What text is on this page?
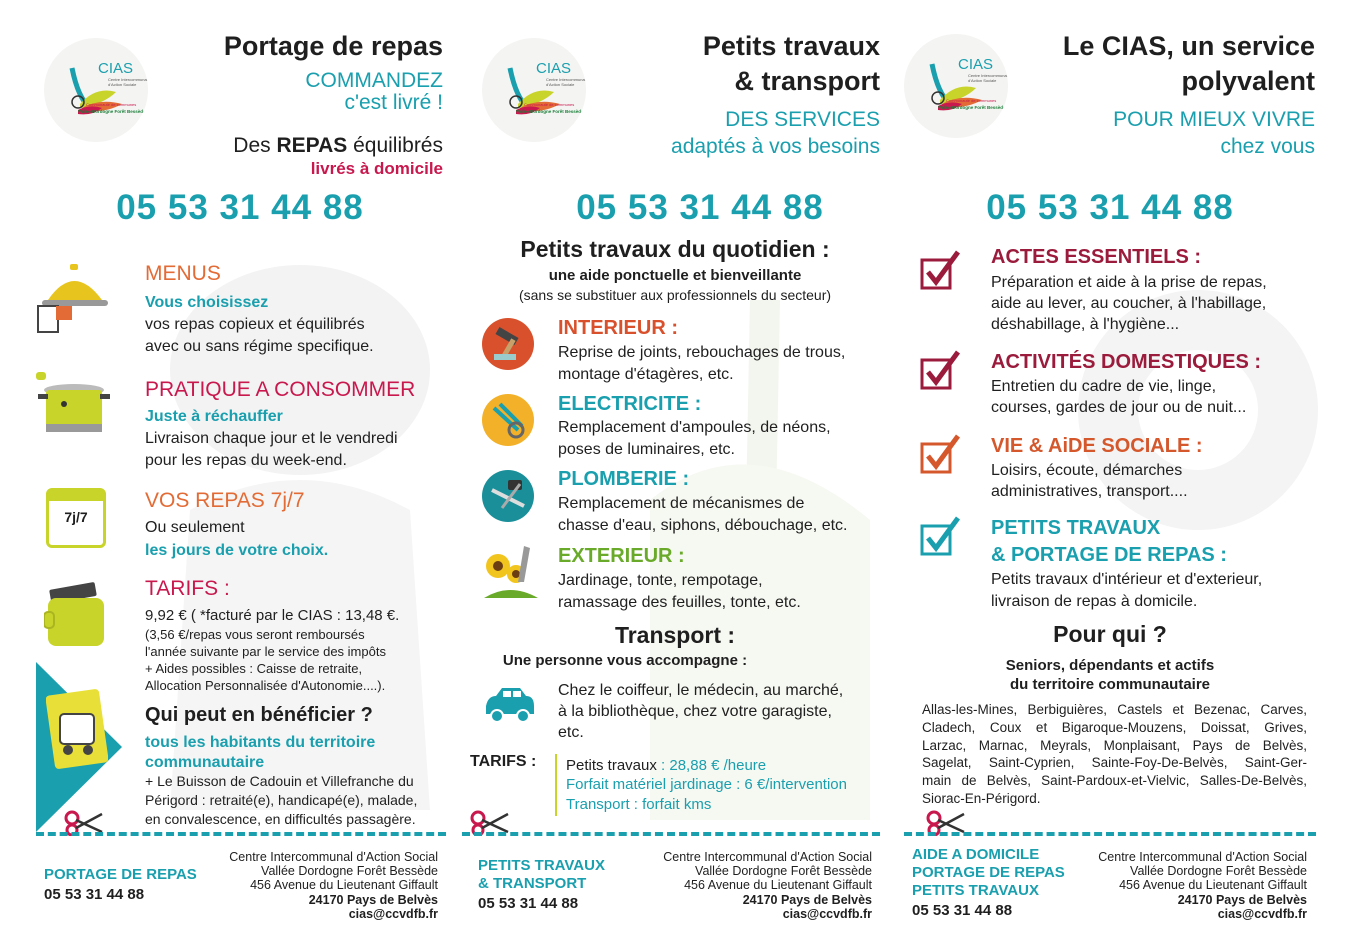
CIAS
Centre Intercommunal
d'Action Sociale
Communauté de communes
Vallée Dordogne Forêt Bessède
Portage de repas
COMMANDEZ
c'est livré !
Des REPAS équilibrés
livrés à domicile
05 53 31 44 88
7j/7
MENUS
Vous choisissez
vos repas copieux et équilibrés
avec ou sans régime specifique.
PRATIQUE A CONSOMMER
Juste à réchauffer
Livraison chaque jour et le vendredi
pour les repas du week-end.
VOS REPAS 7j/7
Ou seulement
les jours de votre choix.
TARIFS :
9,92 € ( *facturé par le CIAS : 13,48 €.
(3,56 €/repas vous seront remboursés
l'année suivante par le service des impôts
+ Aides possibles : Caisse de retraite,
Allocation Personnalisée d'Autonomie....).
Qui peut en bénéficier ?
tous les habitants du territoire
communautaire
+ Le Buisson de Cadouin et Villefranche du
Périgord : retraité(e), handicapé(e), malade,
en convalescence, en difficultés passagère.
PORTAGE DE REPAS
05 53 31 44 88
Centre Intercommunal d'Action Social
Vallée Dordogne Forêt Bessède
456 Avenue du Lieutenant Giffault
24170 Pays de Belvès
cias@ccvdfb.fr
CIAS
Centre Intercommunal
d'Action Sociale
Communauté de communes
Vallée Dordogne Forêt Bessède
Petits travaux
& transport
DES SERVICES
adaptés à vos besoins
05 53 31 44 88
Petits travaux du quotidien :
une aide ponctuelle et bienveillante
(sans se substituer aux professionnels du secteur)
INTERIEUR :
Reprise de joints, rebouchages de trous,
montage d'étagères, etc.
ELECTRICITE :
Remplacement d'ampoules, de néons,
poses de luminaires, etc.
PLOMBERIE :
Remplacement de mécanismes de
chasse d'eau, siphons, débouchage, etc.
EXTERIEUR :
Jardinage, tonte, rempotage,
ramassage des feuilles, tonte, etc.
Transport :
Une personne vous accompagne :
Chez le coiffeur, le médecin, au marché,
à la bibliothèque, chez votre garagiste,
etc.
TARIFS : Petits travaux : 28,88 € /heure
Forfait matériel jardinage : 6 €/intervention
Transport : forfait kms
PETITS TRAVAUX
& TRANSPORT
05 53 31 44 88
Centre Intercommunal d'Action Social
Vallée Dordogne Forêt Bessède
456 Avenue du Lieutenant Giffault
24170 Pays de Belvès
cias@ccvdfb.fr
CIAS
Centre Intercommunal
d'Action Sociale
Communauté de communes
Vallée Dordogne Forêt Bessède
Le CIAS, un service
polyvalent
POUR MIEUX VIVRE
chez vous
05 53 31 44 88
ACTES ESSENTIELS :
Préparation et aide à la prise de repas,
aide au lever, au coucher, à l'habillage,
déshabillage, à l'hygiène...
ACTIVITÉS DOMESTIQUES :
Entretien du cadre de vie, linge,
courses, gardes de jour ou de nuit...
VIE & AiDE SOCIALE :
Loisirs, écoute, démarches
administratives, transport....
PETITS TRAVAUX
& PORTAGE DE REPAS :
Petits travaux d'intérieur et d'exterieur,
livraison de repas à domicile.
Pour qui ?
Seniors, dépendants et actifs
du territoire communautaire
Allas-les-Mines, Berbiguières, Castels et Bezenac, Carves,
Cladech, Coux et Bigaroque-Mouzens, Doissat, Grives,
Larzac, Marnac, Meyrals, Monplaisant, Pays de Belvès,
Sagelat, Saint-Cyprien, Sainte-Foy-De-Belvès, Saint-Ger-
main de Belvès, Saint-Pardoux-et-Vielvic, Salles-De-Belvès,
Siorac-En-Périgord.
AIDE A DOMICILE
PORTAGE DE REPAS
PETITS TRAVAUX
05 53 31 44 88
Centre Intercommunal d'Action Social
Vallée Dordogne Forêt Bessède
456 Avenue du Lieutenant Giffault
24170 Pays de Belvès
cias@ccvdfb.fr
